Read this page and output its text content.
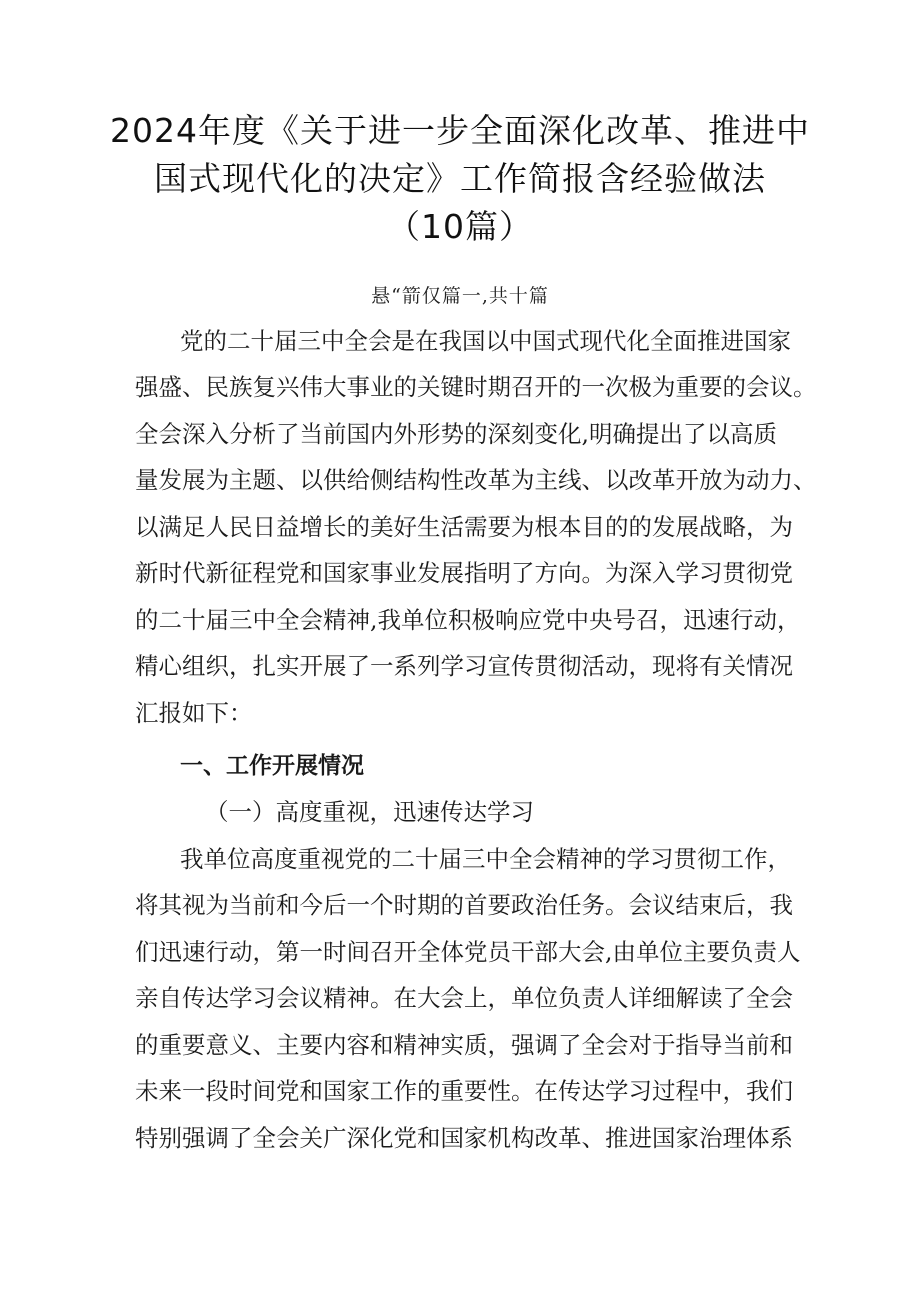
2024年度《关于进一步全面深化改革、推进中
国式现代化的决定》工作简报含经验做法
（10篇）
悬“箭仅篇一,共十篇
党的二十届三中全会是在我国以中国式现代化全面推进国家
强盛、民族复兴伟大事业的关键时期召开的一次极为重要的会议。
全会深入分析了当前国内外形势的深刻变化,明确提出了以高质
量发展为主题、以供给侧结构性改革为主线、以改革开放为动力、
以满足人民日益增长的美好生活需要为根本目的的发展战略，为
新时代新征程党和国家事业发展指明了方向。为深入学习贯彻党
的二十届三中全会精神,我单位积极响应党中央号召，迅速行动，
精心组织，扎实开展了一系列学习宣传贯彻活动，现将有关情况
汇报如下：
一、工作开展情况
（一）高度重视，迅速传达学习
我单位高度重视党的二十届三中全会精神的学习贯彻工作，
将其视为当前和今后一个时期的首要政治任务。会议结束后，我
们迅速行动，第一时间召开全体党员干部大会,由单位主要负责人
亲自传达学习会议精神。在大会上，单位负责人详细解读了全会
的重要意义、主要内容和精神实质，强调了全会对于指导当前和
未来一段时间党和国家工作的重要性。在传达学习过程中，我们
特别强调了全会关广深化党和国家机构改革、推进国家治理体系
